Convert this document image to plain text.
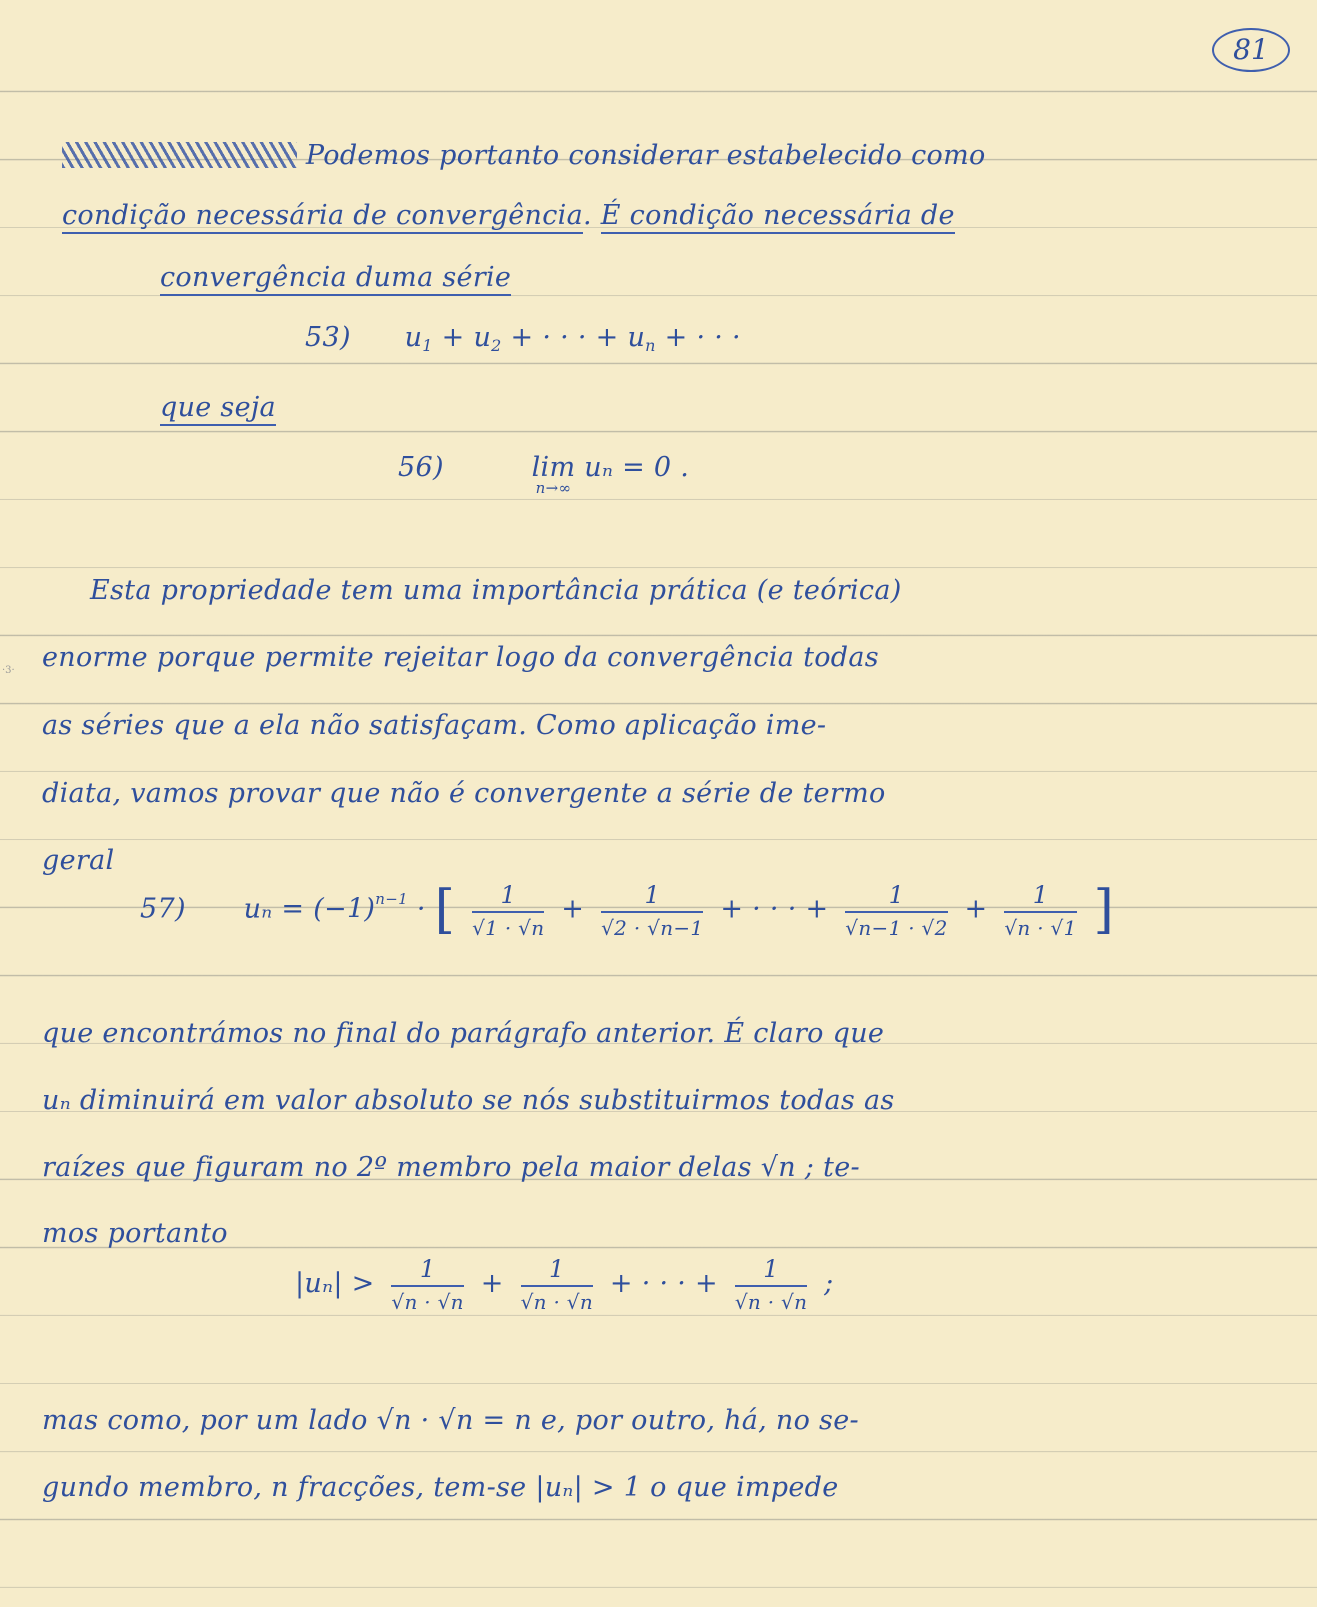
81
·3·
Podemos portanto considerar estabelecido como
condição necessária de convergência. É condição necessária de
convergência duma série
53) u1 + u2 + · · · + un + · · ·
que seja
56)	lim
n→∞
uₙ = 0 .
Esta propriedade tem uma importância prática (e teórica)
enorme porque permite rejeitar logo da convergência todas
as séries que a ela não satisfaçam. Como aplicação ime-
diata, vamos provar que não é convergente a série de termo
geral
57) $u_n = (-1)^{n-1}$ · [ $\frac{1}{√1 \cdot √n} + \frac{1}{√2 \cdot √n-1}$ + · · · + $\frac{1}{√n-1 \cdot √2} + \frac{1}{√n \cdot √1}$ ]
que encontrámos no final do parágrafo anterior. É claro que
uₙ diminuirá em valor absoluto se nós substituirmos todas as
raízes que figuram no 2º membro pela maior delas √n ; te-
mos portanto
$|u_n| > \frac{1}{√n \cdot √n} + \frac{1}{√n \cdot √n}$ + · · · + $\frac{1}{√n \cdot √n}$ ;
mas como, por um lado √n · √n = n e, por outro, há, no se-
gundo membro, n fracções, tem-se |uₙ| > 1 o que impede
